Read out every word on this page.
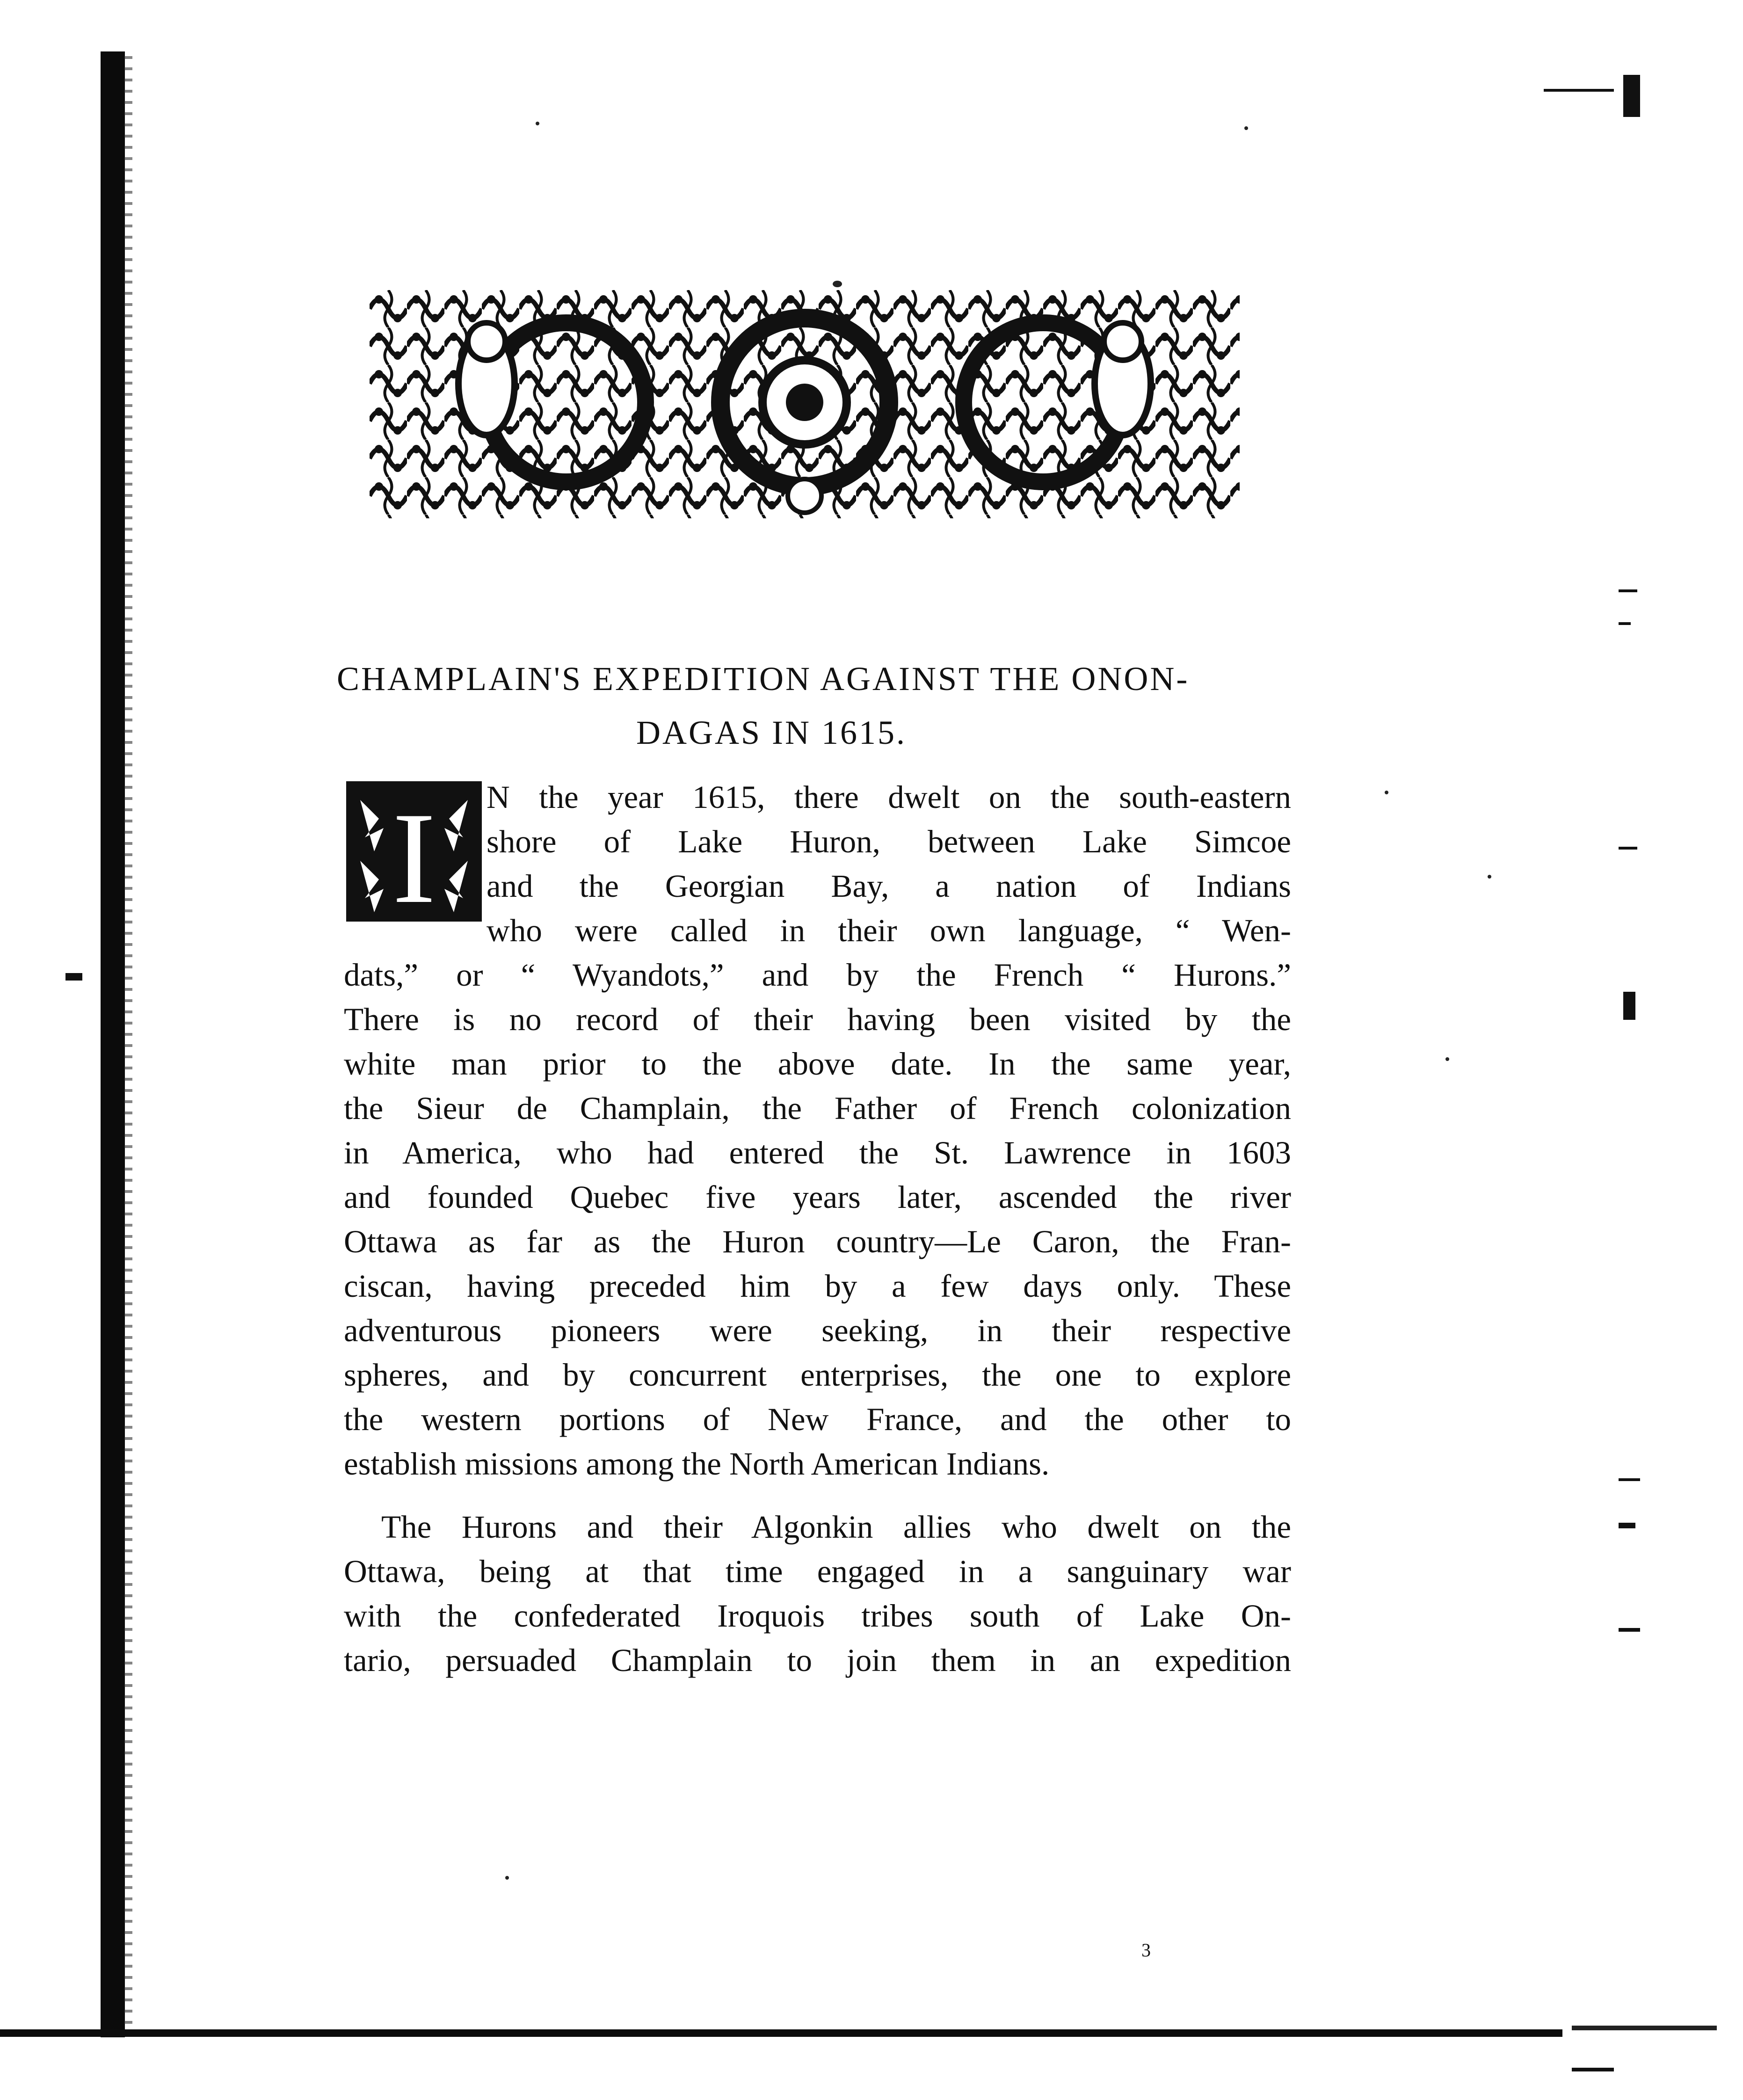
CHAMPLAIN'S EXPEDITION AGAINST THE ONON-
DAGAS IN 1615.
I N the year 1615, there dwelt on the south-eastern
shore of Lake Huron, between Lake Simcoe
and the Georgian Bay, a nation of Indians
who were called in their own language, “ Wen-
dats,” or “ Wyandots,” and by the French “ Hurons.”
There is no record of their having been visited by the
white man prior to the above date. In the same year,
the Sieur de Champlain, the Father of French colonization
in America, who had entered the St. Lawrence in 1603
and founded Quebec five years later, ascended the river
Ottawa as far as the Huron country—Le Caron, the Fran-
ciscan, having preceded him by a few days only. These
adventurous pioneers were seeking, in their respective
spheres, and by concurrent enterprises, the one to explore
the western portions of New France, and the other to
establish missions among the North American Indians.
The Hurons and their Algonkin allies who dwelt on the
Ottawa, being at that time engaged in a sanguinary war
with the confederated Iroquois tribes south of Lake On-
tario, persuaded Champlain to join them in an expedition
3
